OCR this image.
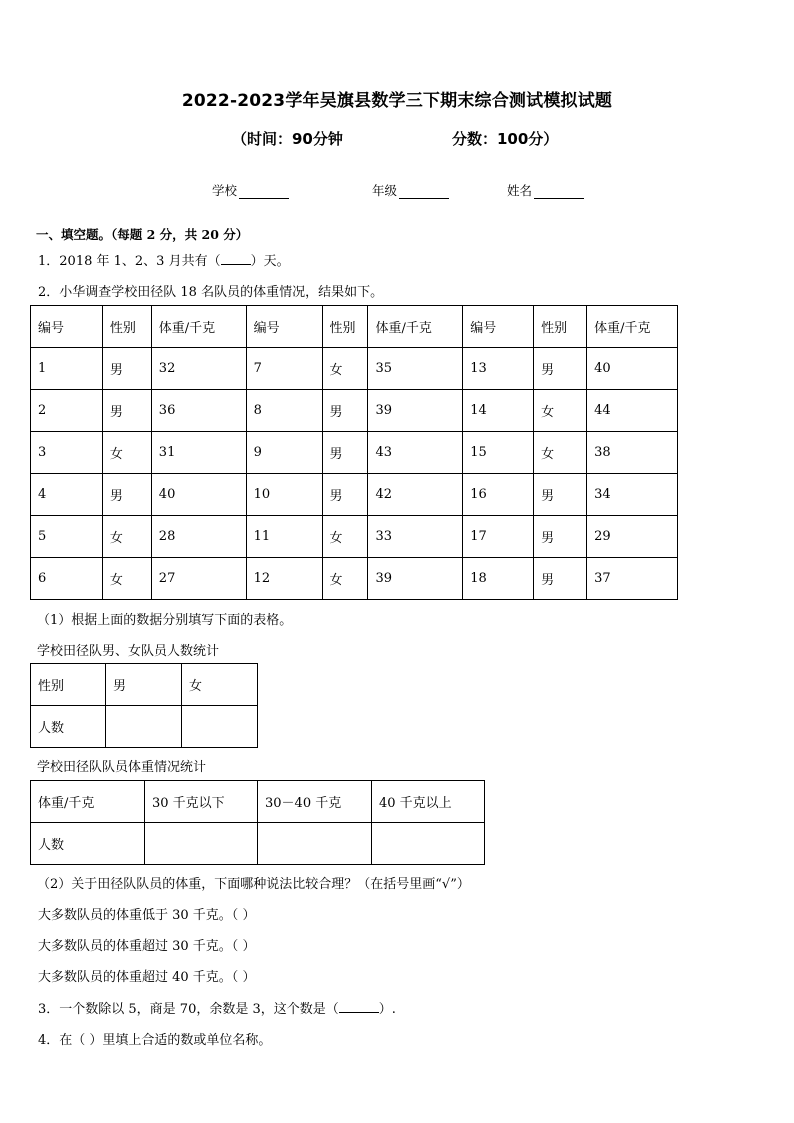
2022-2023学年吴旗县数学三下期末综合测试模拟试题
（时间：90分钟	分数：100分）
学校	年级	姓名
一、填空题。（每题 2 分，共 20 分）
1．2018 年 1、2、3 月共有（ ）天。
2．小华调查学校田径队 18 名队员的体重情况，结果如下。
编号	性别	体重/千克	编号	性别	体重/千克	编号	性别	体重/千克
1	男	32	7	女	35	13	男	40
2	男	36	8	男	39	14	女	44
3	女	31	9	男	43	15	女	38
4	男	40	10	男	42	16	男	34
5	女	28	11	女	33	17	男	29
6	女	27	12	女	39	18	男	37
（1）根据上面的数据分别填写下面的表格。
学校田径队男、女队员人数统计
性别	男	女
人数		
学校田径队队员体重情况统计
体重/千克	30 千克以下	30－40 千克	40 千克以上
人数			
（2）关于田径队队员的体重，下面哪种说法比较合理？（在括号里画“√”）
大多数队员的体重低于 30 千克。（ ）
大多数队员的体重超过 30 千克。（ ）
大多数队员的体重超过 40 千克。（ ）
3．一个数除以 5，商是 70，余数是 3，这个数是（	）.
4．在（ ）里填上合适的数或单位名称。
